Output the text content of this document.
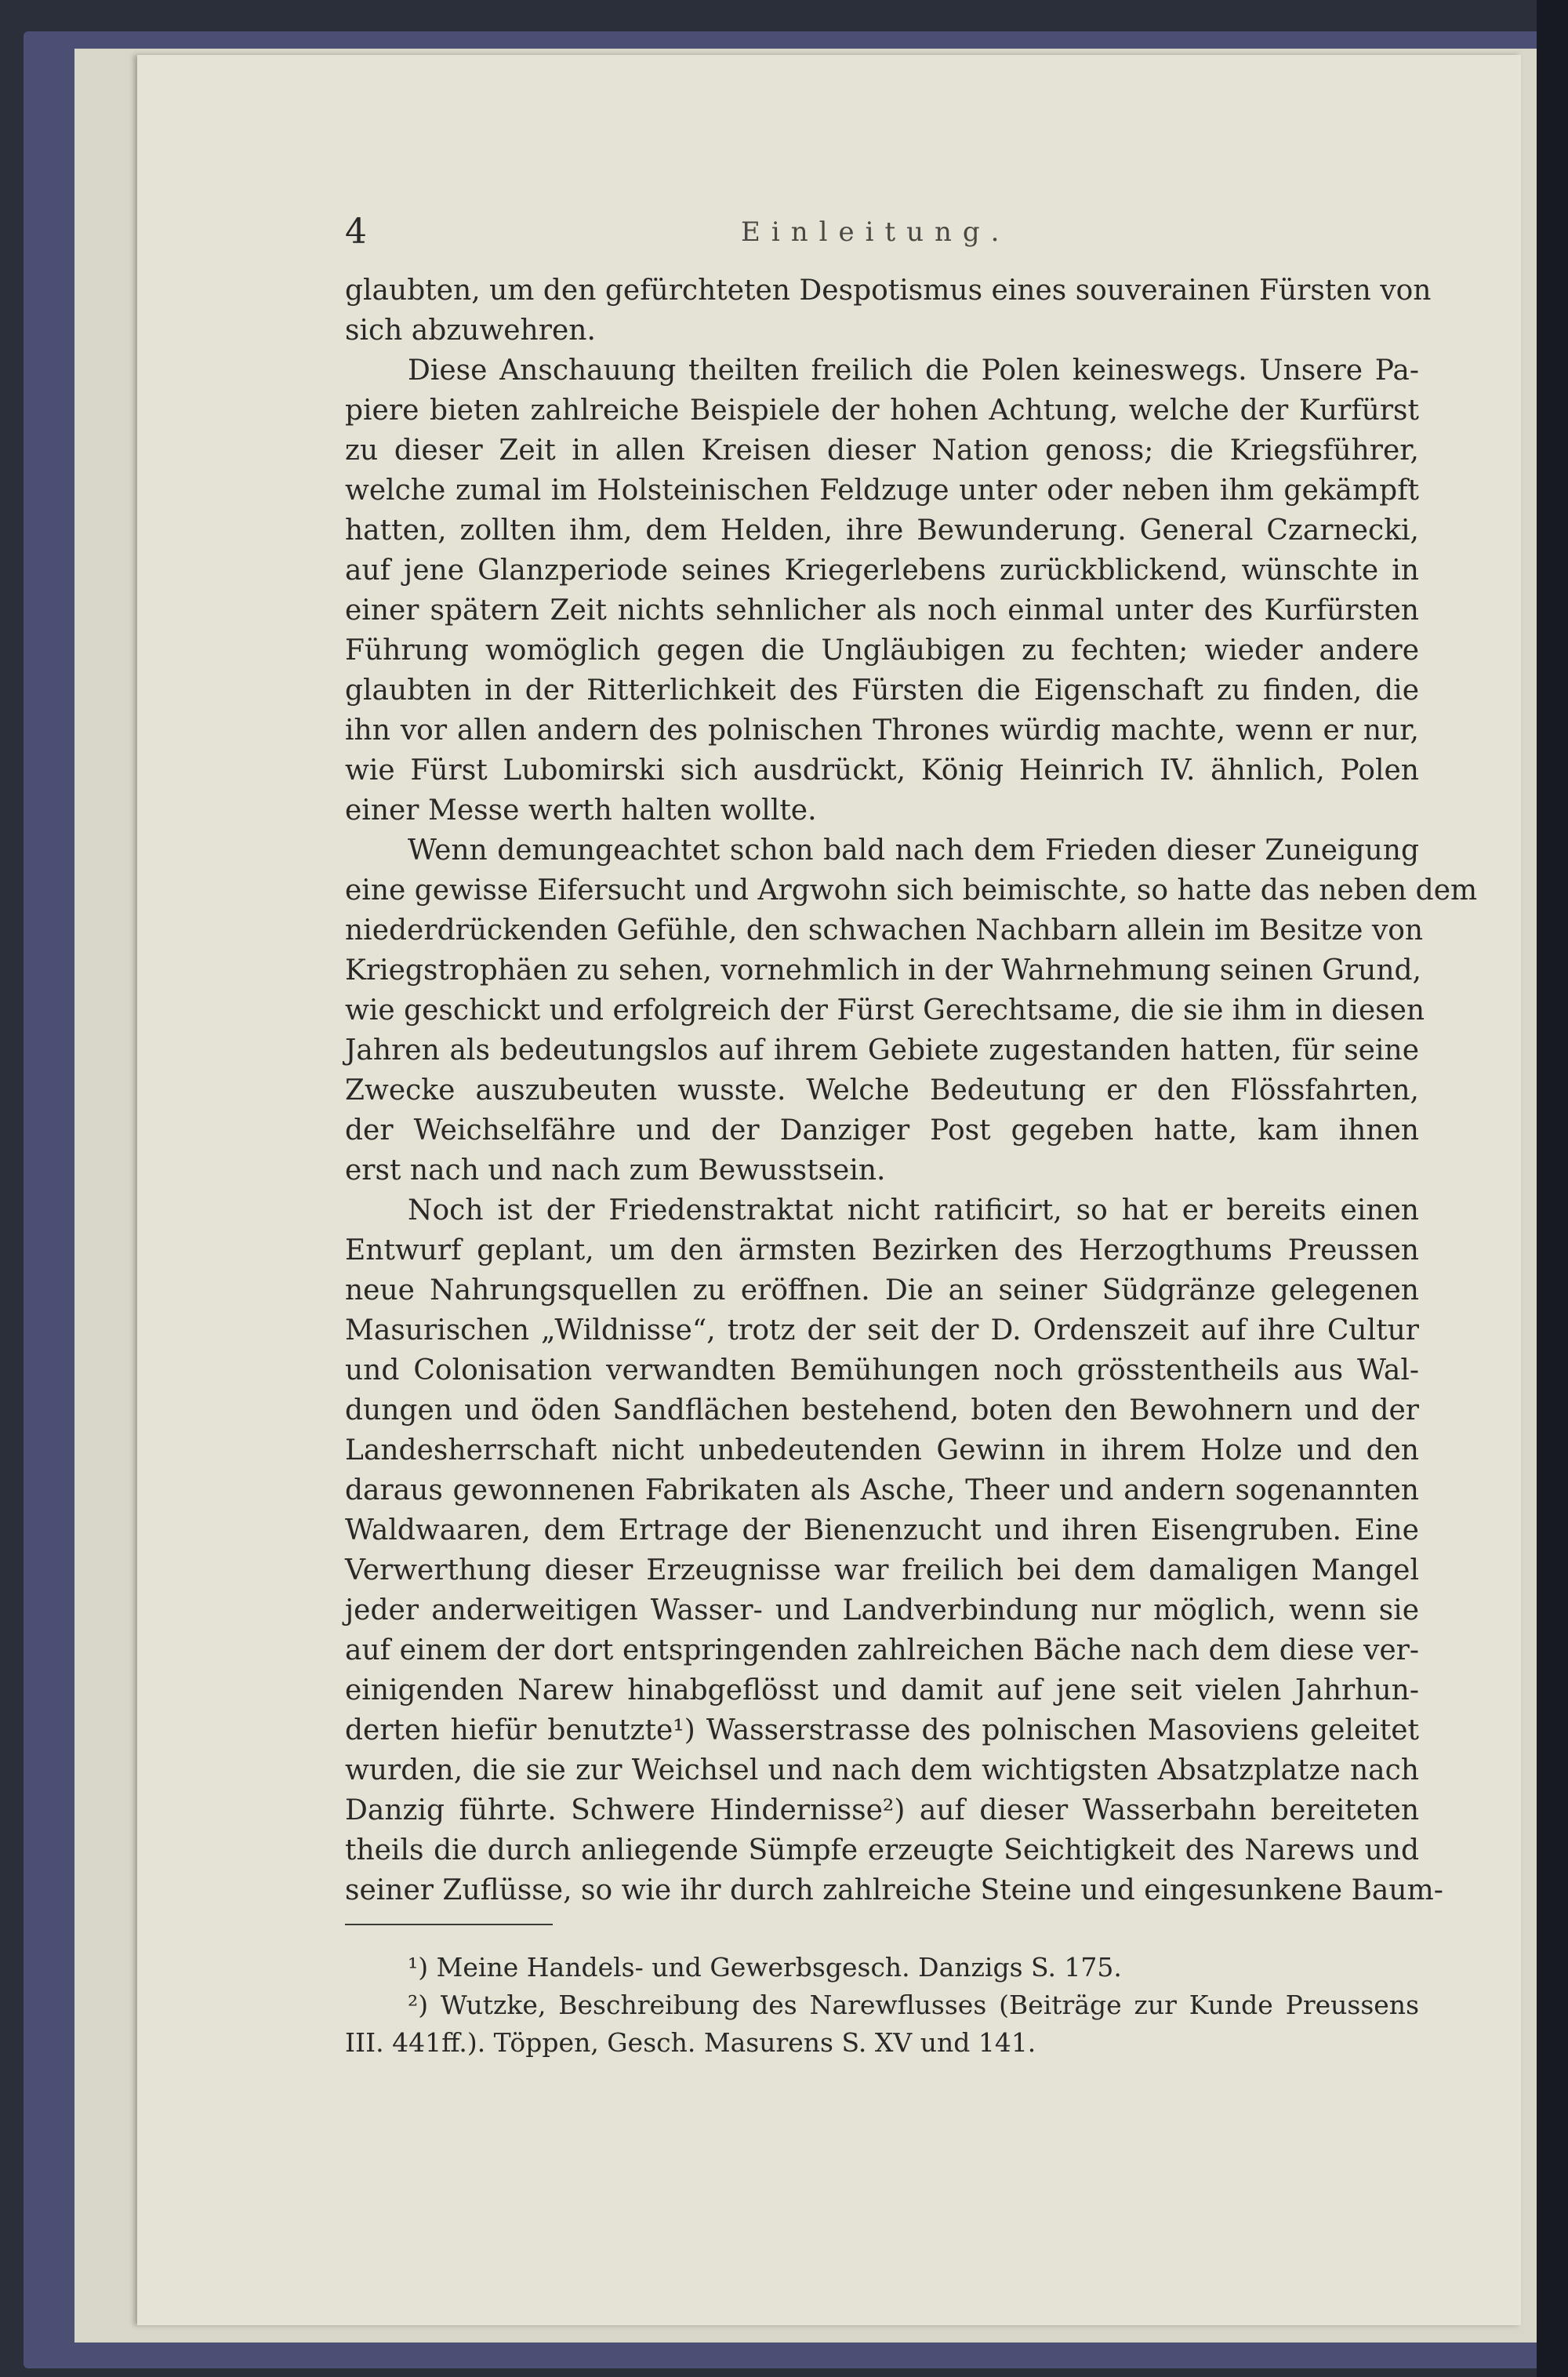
4	Einleitung.
glaubten, um den gefürchteten Despotismus eines souverainen Fürsten von
sich abzuwehren.
Diese Anschauung theilten freilich die Polen keineswegs. Unsere Pa-
piere bieten zahlreiche Beispiele der hohen Achtung, welche der Kurfürst
zu dieser Zeit in allen Kreisen dieser Nation genoss; die Kriegsführer,
welche zumal im Holsteinischen Feldzuge unter oder neben ihm gekämpft
hatten, zollten ihm, dem Helden, ihre Bewunderung. General Czarnecki,
auf jene Glanzperiode seines Kriegerlebens zurückblickend, wünschte in
einer spätern Zeit nichts sehnlicher als noch einmal unter des Kurfürsten
Führung womöglich gegen die Ungläubigen zu fechten; wieder andere
glaubten in der Ritterlichkeit des Fürsten die Eigenschaft zu finden, die
ihn vor allen andern des polnischen Thrones würdig machte, wenn er nur,
wie Fürst Lubomirski sich ausdrückt, König Heinrich IV. ähnlich, Polen
einer Messe werth halten wollte.
Wenn demungeachtet schon bald nach dem Frieden dieser Zuneigung
eine gewisse Eifersucht und Argwohn sich beimischte, so hatte das neben dem
niederdrückenden Gefühle, den schwachen Nachbarn allein im Besitze von
Kriegstrophäen zu sehen, vornehmlich in der Wahrnehmung seinen Grund,
wie geschickt und erfolgreich der Fürst Gerechtsame, die sie ihm in diesen
Jahren als bedeutungslos auf ihrem Gebiete zugestanden hatten, für seine
Zwecke auszubeuten wusste. Welche Bedeutung er den Flössfahrten,
der Weichselfähre und der Danziger Post gegeben hatte, kam ihnen
erst nach und nach zum Bewusstsein.
Noch ist der Friedenstraktat nicht ratificirt, so hat er bereits einen
Entwurf geplant, um den ärmsten Bezirken des Herzogthums Preussen
neue Nahrungsquellen zu eröffnen. Die an seiner Südgränze gelegenen
Masurischen „Wildnisse“, trotz der seit der D. Ordenszeit auf ihre Cultur
und Colonisation verwandten Bemühungen noch grösstentheils aus Wal-
dungen und öden Sandflächen bestehend, boten den Bewohnern und der
Landesherrschaft nicht unbedeutenden Gewinn in ihrem Holze und den
daraus gewonnenen Fabrikaten als Asche, Theer und andern sogenannten
Waldwaaren, dem Ertrage der Bienenzucht und ihren Eisengruben. Eine
Verwerthung dieser Erzeugnisse war freilich bei dem damaligen Mangel
jeder anderweitigen Wasser- und Landverbindung nur möglich, wenn sie
auf einem der dort entspringenden zahlreichen Bäche nach dem diese ver-
einigenden Narew hinabgeflösst und damit auf jene seit vielen Jahrhun-
derten hiefür benutzte¹) Wasserstrasse des polnischen Masoviens geleitet
wurden, die sie zur Weichsel und nach dem wichtigsten Absatzplatze nach
Danzig führte. Schwere Hindernisse²) auf dieser Wasserbahn bereiteten
theils die durch anliegende Sümpfe erzeugte Seichtigkeit des Narews und
seiner Zuflüsse, so wie ihr durch zahlreiche Steine und eingesunkene Baum-
¹) Meine Handels- und Gewerbsgesch. Danzigs S. 175.
²) Wutzke, Beschreibung des Narewflusses (Beiträge zur Kunde Preussens
III. 441ff.). Töppen, Gesch. Masurens S. XV und 141.
